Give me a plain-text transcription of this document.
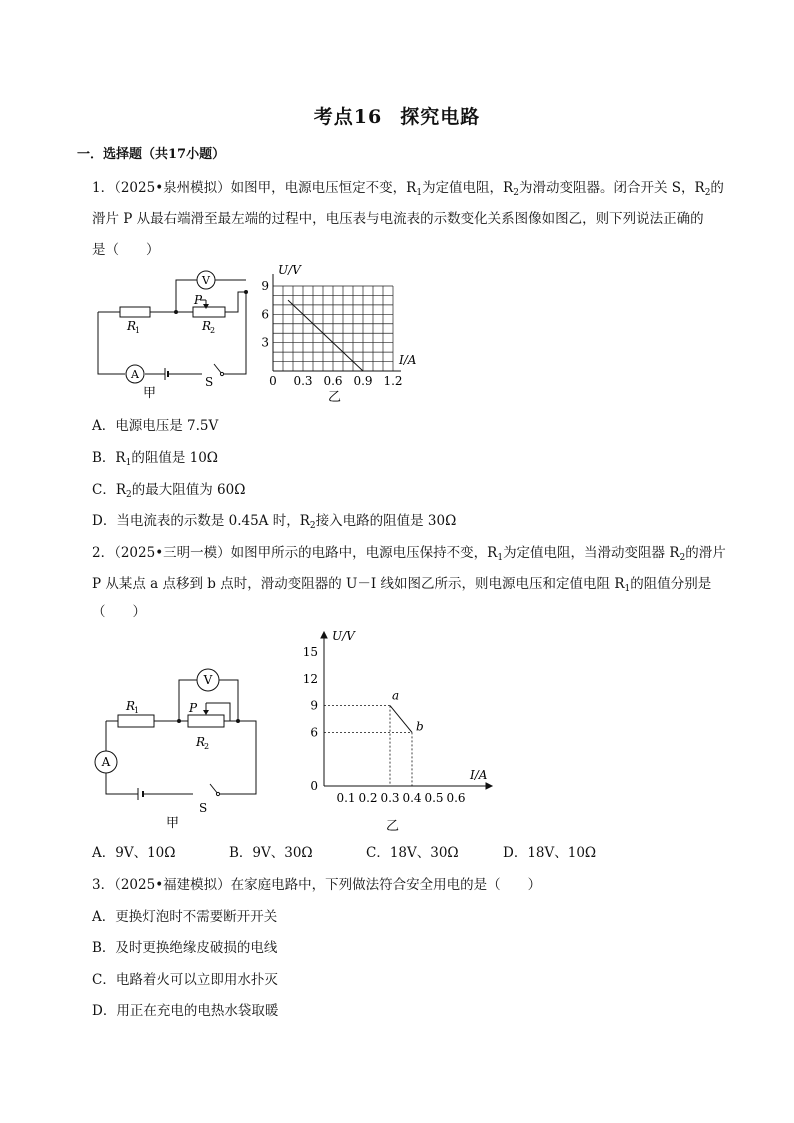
考点16 探究电路
一．选择题（共17小题）
1．（2025•泉州模拟）如图甲，电源电压恒定不变，$R_1$为定值电阻，$R_2$为滑动变阻器。闭合开关 S，$R_2$的
滑片 P 从最右端滑至最左端的过程中，电压表与电流表的示数变化关系图像如图乙，则下列说法正确的
是（　　）
V
A
R
1	R
2
P
S
甲
9
6
3
0 0.3 0.6 0.9 1.2
U/V
I/A
乙
A．电源电压是 7.5V
B．$R_1$的阻值是 10Ω
C．$R_2$的最大阻值为 60Ω
D．当电流表的示数是 0.45A 时，$R_2$接入电路的阻值是 30Ω
2．（2025•三明一模）如图甲所示的电路中，电源电压保持不变，$R_1$为定值电阻，当滑动变阻器 $R_2$的滑片
P 从某点 a 点移到 b 点时，滑动变阻器的 U－I 线如图乙所示，则电源电压和定值电阻 $R_1$的阻值分别是
（　　）
V
A
R
1
R
2
P
S
甲
15
12
9
6
0
0.1 0.2 0.3 0.4 0.5 0.6
a
b
U/V
I/A
乙
A．9V、10Ω	B．9V、30Ω	C．18V、30Ω	D．18V、10Ω
3．（2025•福建模拟）在家庭电路中，下列做法符合安全用电的是（　　）
A．更换灯泡时不需要断开开关
B．及时更换绝缘皮破损的电线
C．电路着火可以立即用水扑灭
D．用正在充电的电热水袋取暖
